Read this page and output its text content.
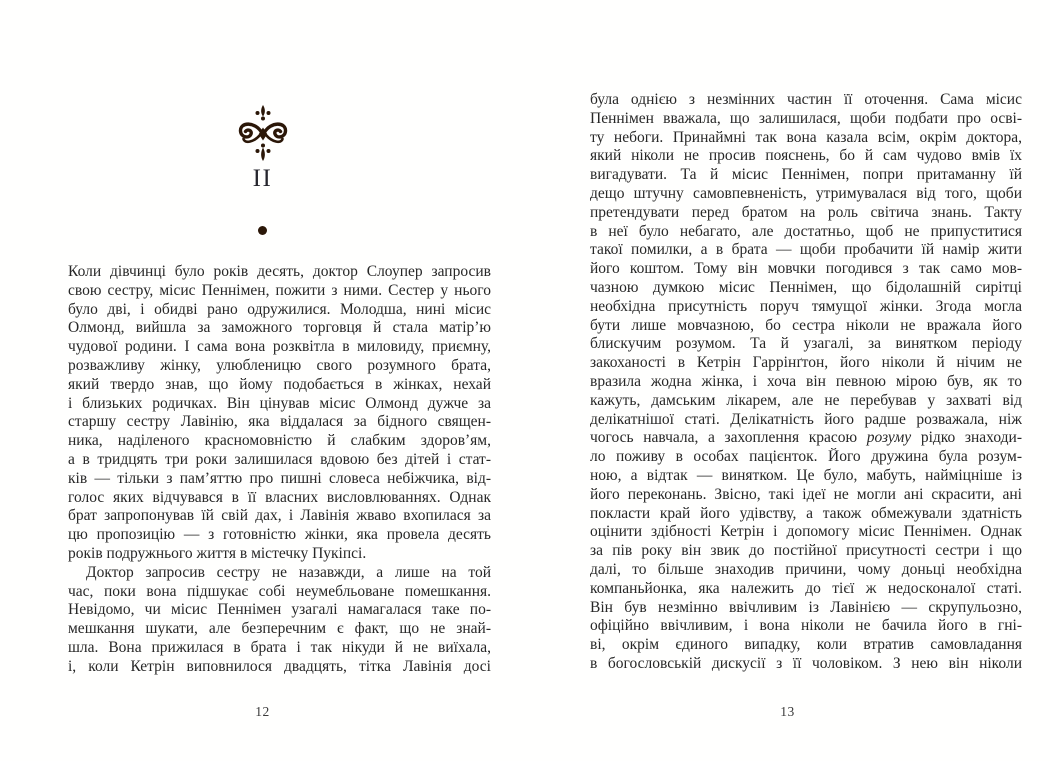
II
Коли дівчинці було років десять, доктор Слоупер запросив
свою сестру, місис Пеннімен, пожити з ними. Сестер у нього
було дві, і обидві рано одружилися. Молодша, нині місис
Олмонд, вийшла за заможного торговця й стала матір’ю
чудової родини. І сама вона розквітла в миловиду, приємну,
розважливу жінку, улюбленицю свого розумного брата,
який твердо знав, що йому подобається в жінках, нехай
і близьких родичках. Він цінував місис Олмонд дужче за
старшу сестру Лавінію, яка віддалася за бідного священ-
ника, наділеного красномовністю й слабким здоров’ям,
а в тридцять три роки залишилася вдовою без дітей і стат-
ків — тільки з пам’яттю про пишні словеса небіжчика, від-
голос яких відчувався в її власних висловлюваннях. Однак
брат запропонував їй свій дах, і Лавінія жваво вхопилася за
цю пропозицію — з готовністю жінки, яка провела десять
років подружнього життя в містечку Пукіпсі.
Доктор запросив сестру не назавжди, а лише на той
час, поки вона підшукає собі неумебльоване помешкання.
Невідомо, чи місис Пеннімен узагалі намагалася таке по-
мешкання шукати, але безперечним є факт, що не знай-
шла. Вона прижилася в брата і так нікуди й не виїхала,
і, коли Кетрін виповнилося двадцять, тітка Лавінія досі
12
була однією з незмінних частин її оточення. Сама місис
Пеннімен вважала, що залишилася, щоби подбати про осві-
ту небоги. Принаймні так вона казала всім, окрім доктора,
який ніколи не просив пояснень, бо й сам чудово вмів їх
вигадувати. Та й місис Пеннімен, попри притаманну їй
дещо штучну самовпевненість, утримувалася від того, щоби
претендувати перед братом на роль світича знань. Такту
в неї було небагато, але достатньо, щоб не припуститися
такої помилки, а в брата — щоби пробачити їй намір жити
його коштом. Тому він мовчки погодився з так само мов-
чазною думкою місис Пеннімен, що бідолашній сирітці
необхідна присутність поруч тямущої жінки. Згода могла
бути лише мовчазною, бо сестра ніколи не вражала його
блискучим розумом. Та й узагалі, за винятком періоду
закоханості в Кетрін Гаррінґтон, його ніколи й нічим не
вразила жодна жінка, і хоча він певною мірою був, як то
кажуть, дамським лікарем, але не перебував у захваті від
делікатнішої статі. Делікатність його радше розважала, ніж
чогось навчала, а захоплення красою розуму рідко знаходи-
ло поживу в особах пацієнток. Його дружина була розум-
ною, а відтак — винятком. Це було, мабуть, найміцніше із
його переконань. Звісно, такі ідеї не могли ані скрасити, ані
покласти край його удівству, а також обмежували здатність
оцінити здібності Кетрін і допомогу місис Пеннімен. Однак
за пів року він звик до постійної присутності сестри і що
далі, то більше знаходив причини, чому доньці необхідна
компаньйонка, яка належить до тієї ж недосконалої статі.
Він був незмінно ввічливим із Лавінією — скрупульозно,
офіційно ввічливим, і вона ніколи не бачила його в гні-
ві, окрім єдиного випадку, коли втратив самовладання
в богословській дискусії з її чоловіком. З нею він ніколи
13
